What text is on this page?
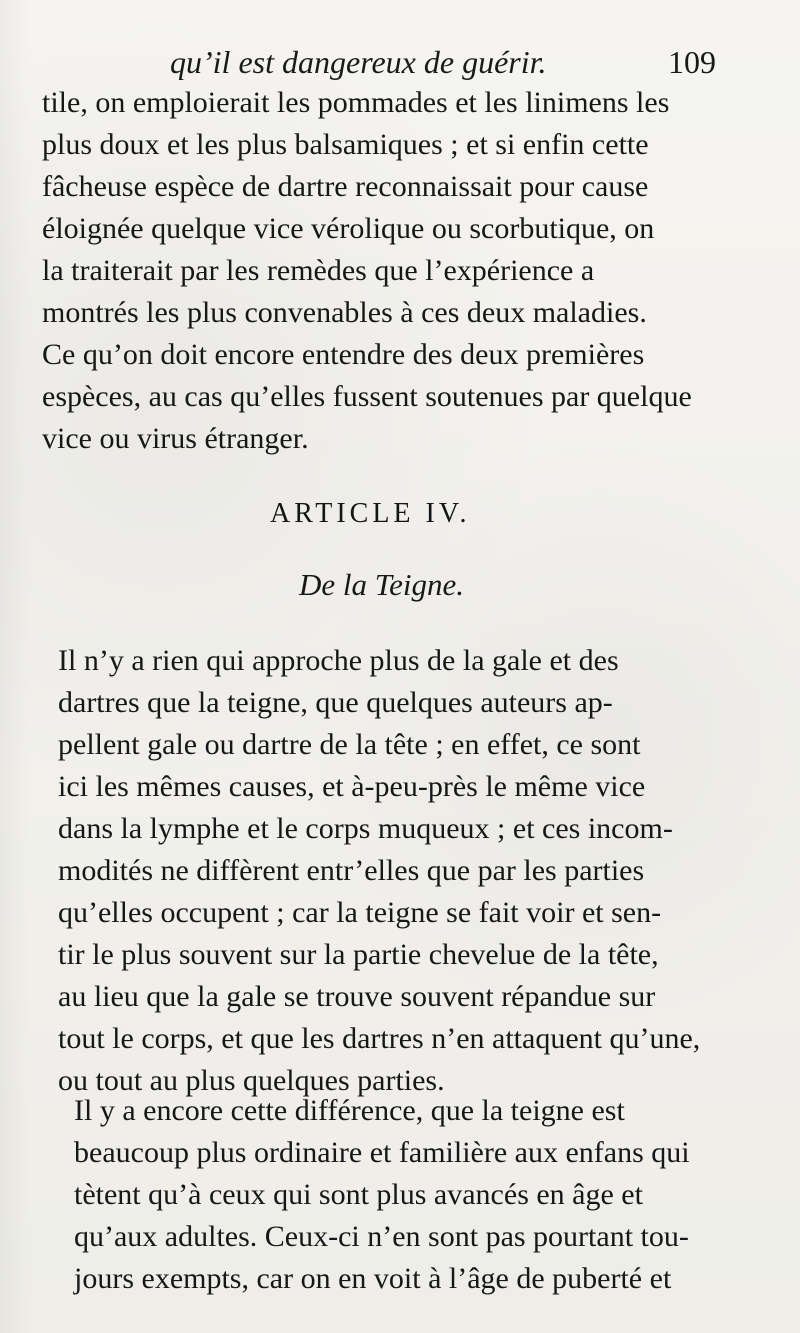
qu’il est dangereux de guérir.	109
tile, on emploierait les pommades et les linimens les
plus doux et les plus balsamiques ; et si enfin cette
fâcheuse espèce de dartre reconnaissait pour cause
éloignée quelque vice vérolique ou scorbutique, on
la traiterait par les remèdes que l’expérience a
montrés les plus convenables à ces deux maladies.
Ce qu’on doit encore entendre des deux premières
espèces, au cas qu’elles fussent soutenues par quelque
vice ou virus étranger.
ARTICLE IV.
De la Teigne.
Il n’y a rien qui approche plus de la gale et des
dartres que la teigne, que quelques auteurs ap-
pellent gale ou dartre de la tête ; en effet, ce sont
ici les mêmes causes, et à-peu-près le même vice
dans la lymphe et le corps muqueux ; et ces incom-
modités ne diffèrent entr’elles que par les parties
qu’elles occupent ; car la teigne se fait voir et sen-
tir le plus souvent sur la partie chevelue de la tête,
au lieu que la gale se trouve souvent répandue sur
tout le corps, et que les dartres n’en attaquent qu’une,
ou tout au plus quelques parties.
Il y a encore cette différence, que la teigne est
beaucoup plus ordinaire et familière aux enfans qui
tètent qu’à ceux qui sont plus avancés en âge et
qu’aux adultes. Ceux-ci n’en sont pas pourtant tou-
jours exempts, car on en voit à l’âge de puberté et
